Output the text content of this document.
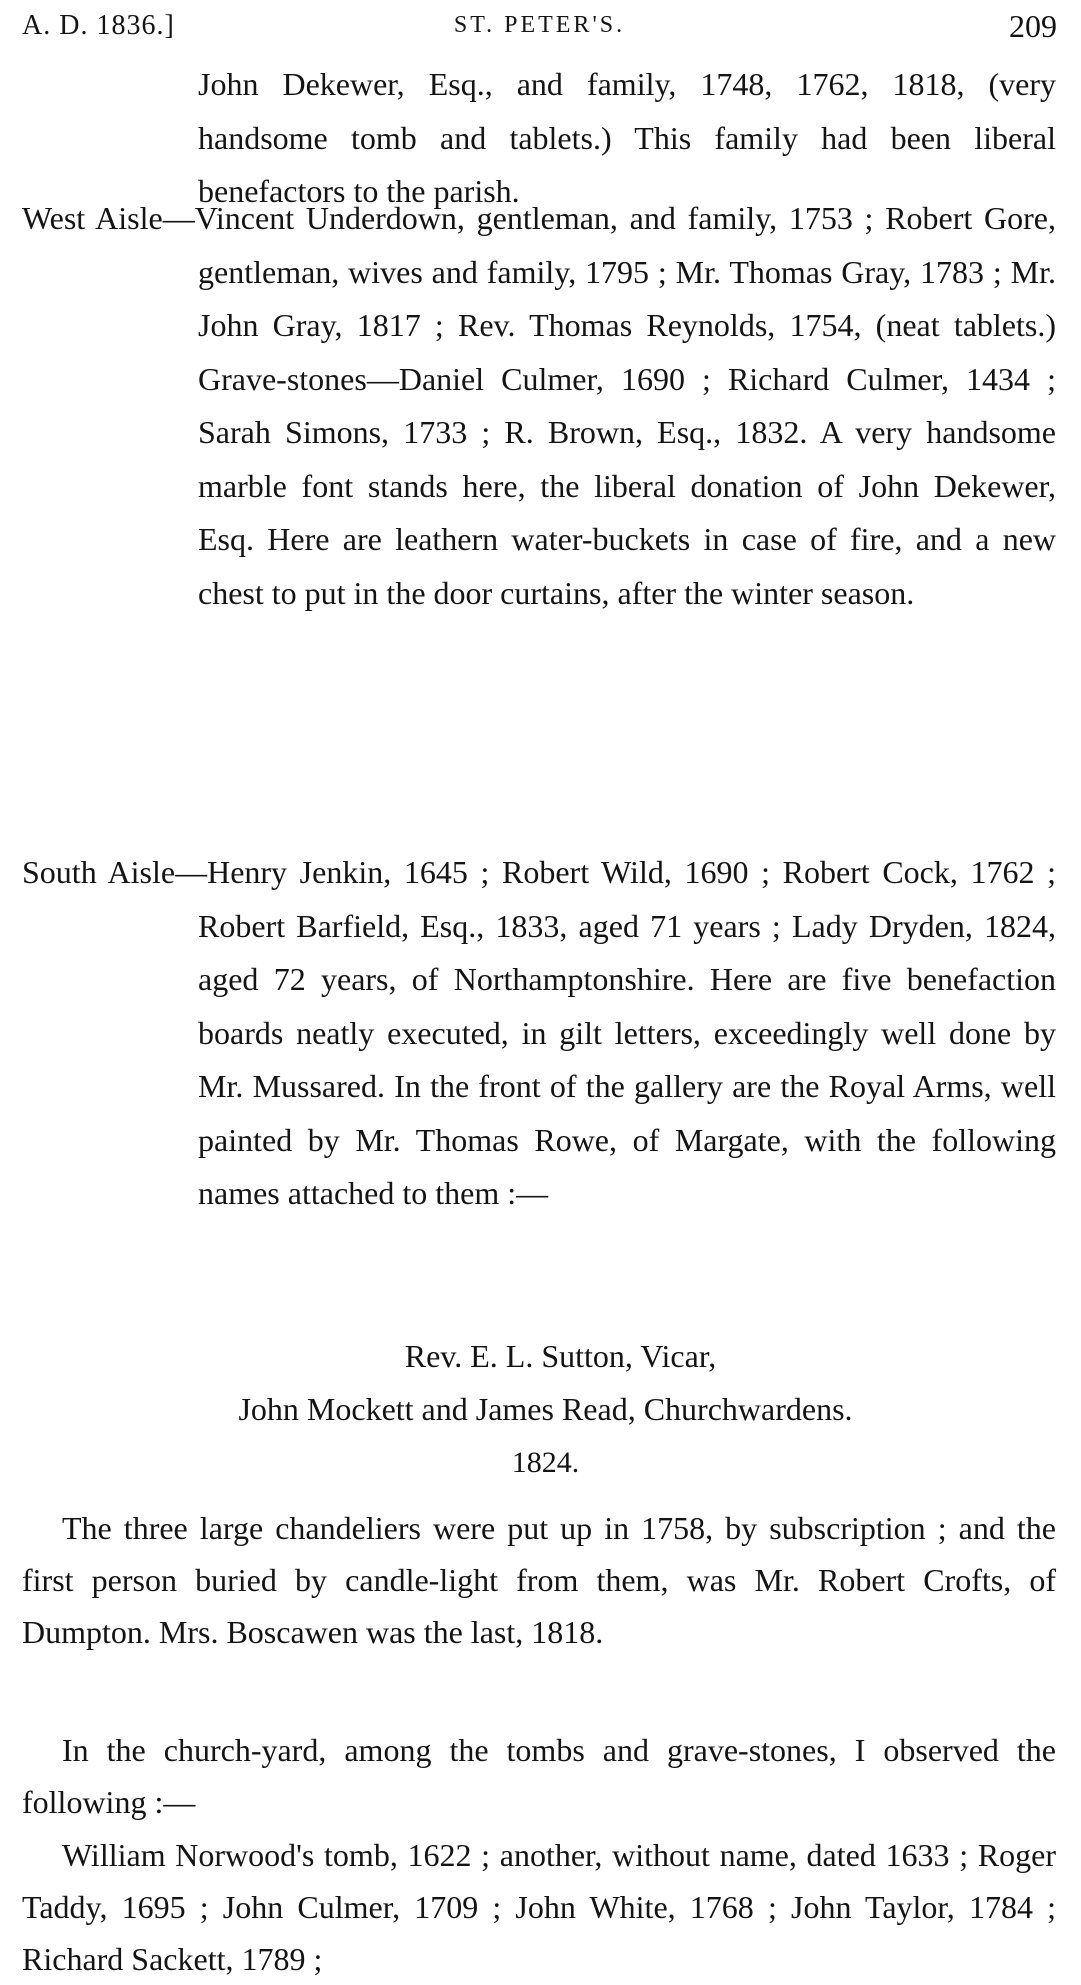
A. D. 1836.]	ST. PETER'S.	209
John Dekewer, Esq., and family, 1748, 1762, 1818, (very handsome tomb and tablets.) This family had been liberal benefactors to the parish.
West Aisle—Vincent Underdown, gentleman, and family, 1753 ; Robert Gore, gentleman, wives and family, 1795 ; Mr. Thomas Gray, 1783 ; Mr. John Gray, 1817 ; Rev. Thomas Reynolds, 1754, (neat tablets.) Grave-stones—Daniel Culmer, 1690 ; Richard Culmer, 1434 ; Sarah Simons, 1733 ; R. Brown, Esq., 1832. A very handsome marble font stands here, the liberal donation of John Dekewer, Esq. Here are leathern water-buckets in case of fire, and a new chest to put in the door curtains, after the winter season.
South Aisle—Henry Jenkin, 1645 ; Robert Wild, 1690 ; Robert Cock, 1762 ; Robert Barfield, Esq., 1833, aged 71 years ; Lady Dryden, 1824, aged 72 years, of Northamptonshire. Here are five benefaction boards neatly executed, in gilt letters, exceedingly well done by Mr. Mussared. In the front of the gallery are the Royal Arms, well painted by Mr. Thomas Rowe, of Margate, with the following names attached to them :—
Rev. E. L. Sutton, Vicar,
John Mockett and James Read, Churchwardens.
1824.
The three large chandeliers were put up in 1758, by subscription ; and the first person buried by candle-light from them, was Mr. Robert Crofts, of Dumpton. Mrs. Boscawen was the last, 1818.
In the church-yard, among the tombs and grave-stones, I observed the following :—
William Norwood's tomb, 1622 ; another, without name, dated 1633 ; Roger Taddy, 1695 ; John Culmer, 1709 ; John White, 1768 ; John Taylor, 1784 ; Richard Sackett, 1789 ;
